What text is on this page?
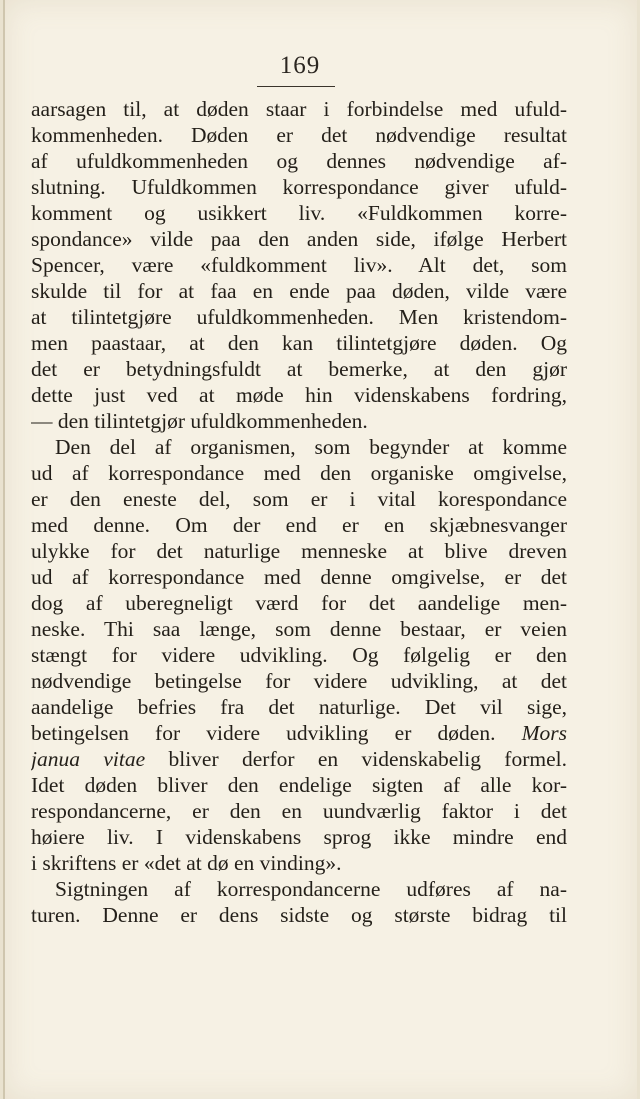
169
aarsagen til, at døden staar i forbindelse med ufuld-
kommenheden. Døden er det nødvendige resultat
af ufuldkommenheden og dennes nødvendige af-
slutning. Ufuldkommen korrespondance giver ufuld-
komment og usikkert liv. «Fuldkommen korre-
spondance» vilde paa den anden side, ifølge Herbert
Spencer, være «fuldkomment liv». Alt det, som
skulde til for at faa en ende paa døden, vilde være
at tilintetgjøre ufuldkommenheden. Men kristendom-
men paastaar, at den kan tilintetgjøre døden. Og
det er betydningsfuldt at bemerke, at den gjør
dette just ved at møde hin videnskabens fordring,
— den tilintetgjør ufuldkommenheden.
Den del af organismen, som begynder at komme
ud af korrespondance med den organiske omgivelse,
er den eneste del, som er i vital korespondance
med denne. Om der end er en skjæbnesvanger
ulykke for det naturlige menneske at blive dreven
ud af korrespondance med denne omgivelse, er det
dog af uberegneligt værd for det aandelige men-
neske. Thi saa længe, som denne bestaar, er veien
stængt for videre udvikling. Og følgelig er den
nødvendige betingelse for videre udvikling, at det
aandelige befries fra det naturlige. Det vil sige,
betingelsen for videre udvikling er døden. Mors
janua vitae bliver derfor en videnskabelig formel.
Idet døden bliver den endelige sigten af alle kor-
respondancerne, er den en uundværlig faktor i det
høiere liv. I videnskabens sprog ikke mindre end
i skriftens er «det at dø en vinding».
Sigtningen af korrespondancerne udføres af na-
turen. Denne er dens sidste og største bidrag til
